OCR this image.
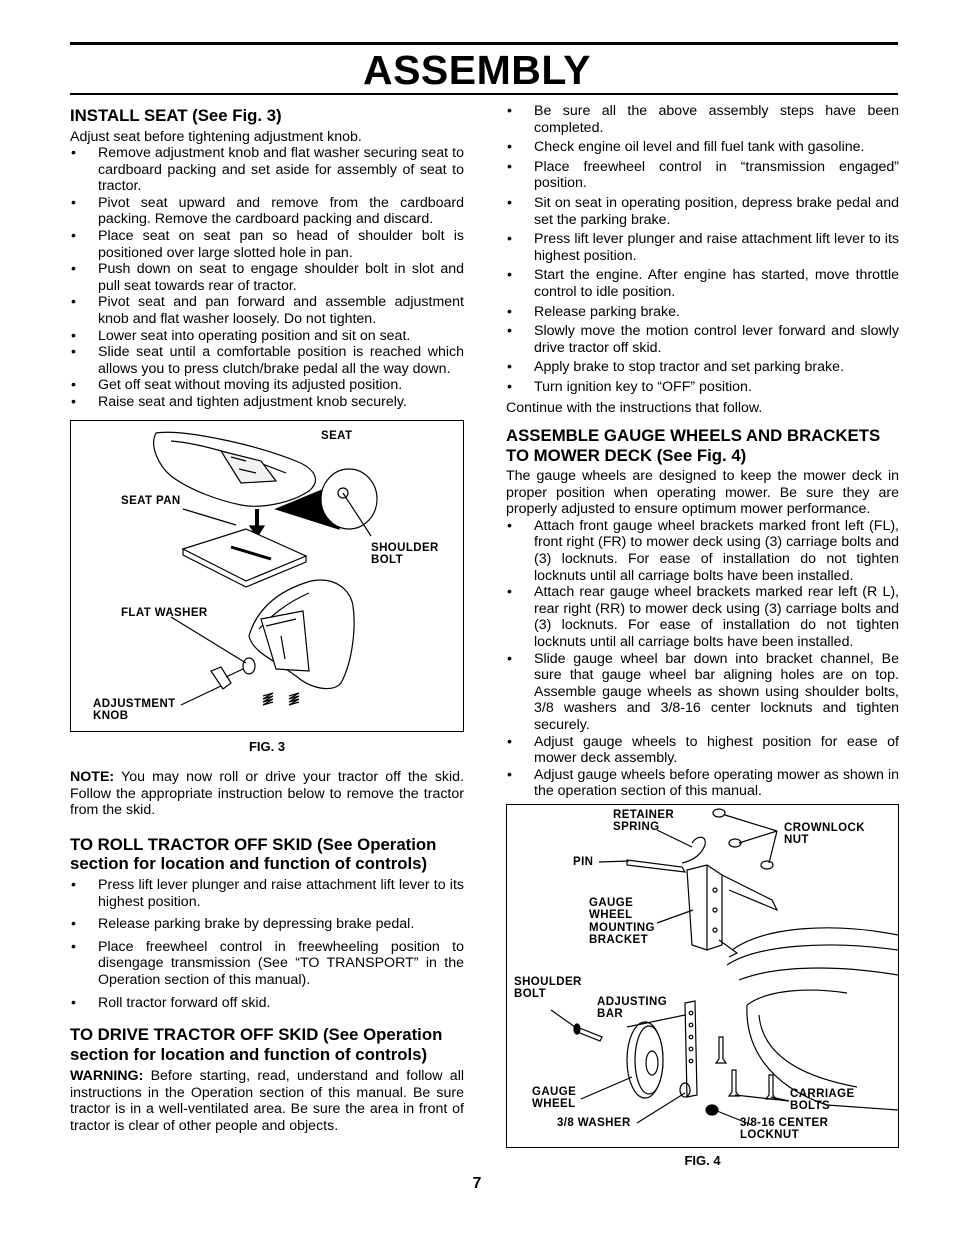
ASSEMBLY
INSTALL SEAT (See Fig. 3)

Adjust seat before tightening adjustment knob.

• Remove adjustment knob and flat washer securing seat to cardboard packing and set aside for assembly of seat to tractor.
• Pivot seat upward and remove from the cardboard packing. Remove the cardboard packing and discard.
• Place seat on seat pan so head of shoulder bolt is positioned over large slotted hole in pan.
• Push down on seat to engage shoulder bolt in slot and pull seat towards rear of tractor.
• Pivot seat and pan forward and assemble adjustment knob and flat washer loosely. Do not tighten.
• Lower seat into operating position and sit on seat.
• Slide seat until a comfortable position is reached which allows you to press clutch/brake pedal all the way down.
• Get off seat without moving its adjusted position.
• Raise seat and tighten adjustment knob securely.
SEAT
SEAT PAN
SHOULDER
BOLT
FLAT WASHER
ADJUSTMENT
KNOB
FIG. 3

NOTE: You may now roll or drive your tractor off the skid. Follow the appropriate instruction below to remove the tractor from the skid.

TO ROLL TRACTOR OFF SKID (See Operation section for location and function of controls)
• Press lift lever plunger and raise attachment lift lever to its highest position.
• Release parking brake by depressing brake pedal.
• Place freewheel control in freewheeling position to disengage transmission (See “TO TRANSPORT” in the Operation section of this manual).
• Roll tractor forward off skid.
TO DRIVE TRACTOR OFF SKID (See Operation section for location and function of controls)

WARNING: Before starting, read, understand and follow all instructions in the Operation section of this manual. Be sure tractor is in a well-ventilated area. Be sure the area in front of tractor is clear of other people and objects.

• Be sure all the above assembly steps have been completed.
• Check engine oil level and fill fuel tank with gasoline.
• Place freewheel control in “transmission engaged” position.
• Sit on seat in operating position, depress brake pedal and set the parking brake.
• Press lift lever plunger and raise attachment lift lever to its highest position.
• Start the engine. After engine has started, move throttle control to idle position.
• Release parking brake.
• Slowly move the motion control lever forward and slowly drive tractor off skid.
• Apply brake to stop tractor and set parking brake.
• Turn ignition key to “OFF” position.

Continue with the instructions that follow.

ASSEMBLE GAUGE WHEELS AND BRACKETS TO MOWER DECK (See Fig. 4)

The gauge wheels are designed to keep the mower deck in proper position when operating mower. Be sure they are properly adjusted to ensure optimum mower performance.

• Attach front gauge wheel brackets marked front left (FL), front right (FR) to mower deck using (3) carriage bolts and (3) locknuts. For ease of installation do not tighten locknuts until all carriage bolts have been installed.
• Attach rear gauge wheel brackets marked rear left (R L), rear right (RR) to mower deck using (3) carriage bolts and (3) locknuts. For ease of installation do not tighten locknuts until all carriage bolts have been installed.
• Slide gauge wheel bar down into bracket channel, Be sure that gauge wheel bar aligning holes are on top. Assemble gauge wheels as shown using shoulder bolts, 3/8 washers and 3/8-16 center locknuts and tighten securely.
• Adjust gauge wheels to highest position for ease of mower deck assembly.
• Adjust gauge wheels before operating mower as shown in the operation section of this manual.
RETAINER
SPRING	CROWNLOCK
NUT
PIN
GAUGE
WHEEL
MOUNTING
BRACKET
SHOULDER
BOLT
ADJUSTING
BAR
GAUGE
WHEEL
CARRIAGE
BOLTS
3/8 WASHER	3/8-16 CENTER
LOCKNUT
FIG. 4
7
